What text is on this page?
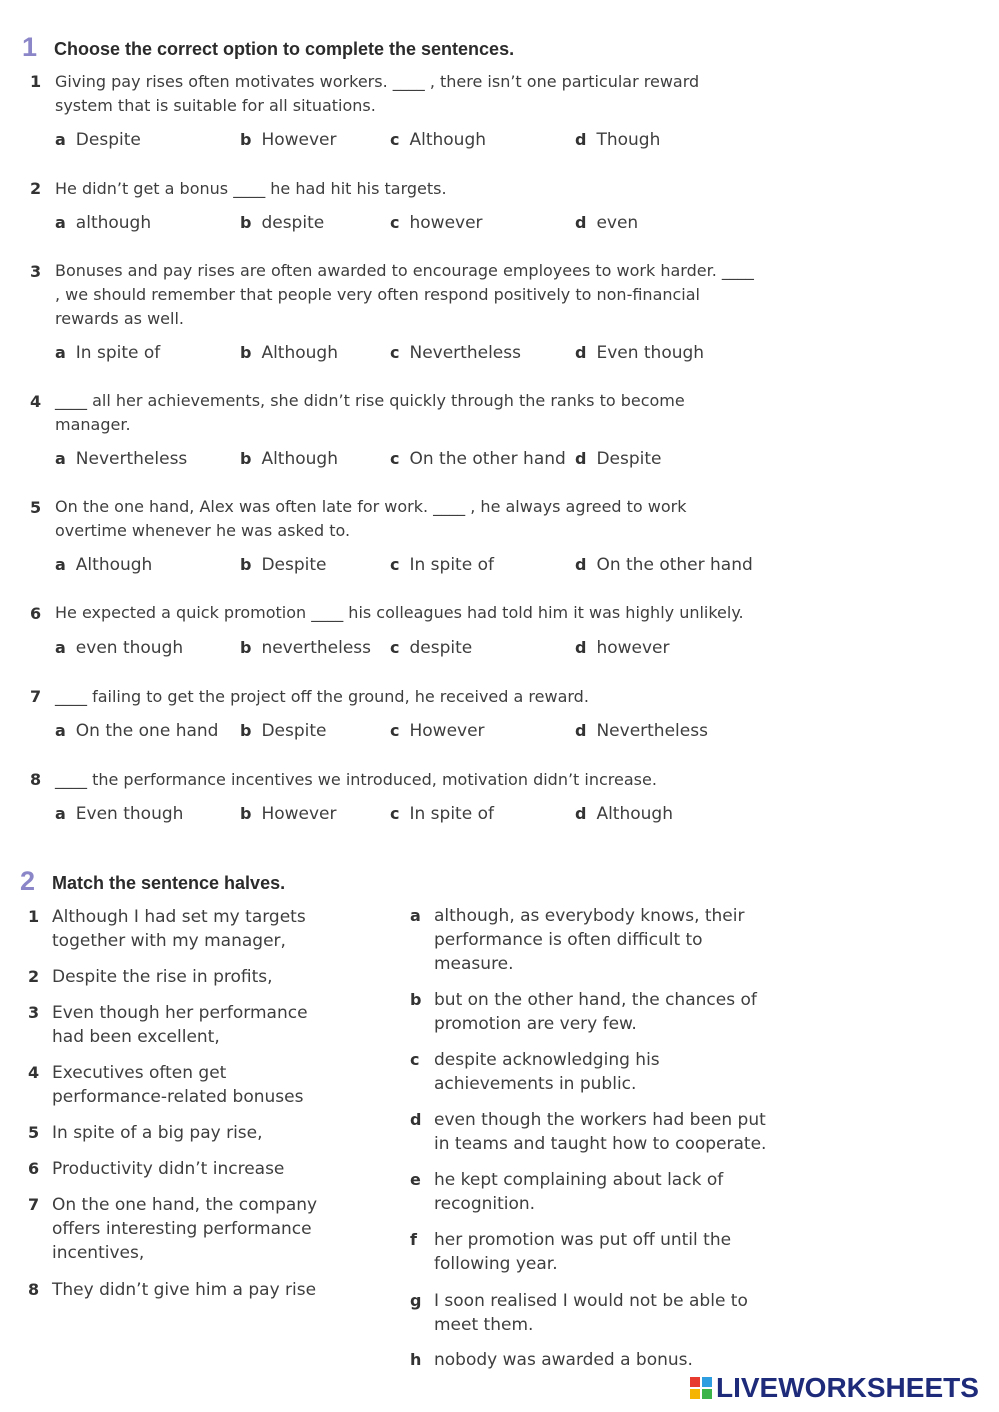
1 Choose the correct option to complete the sentences.
1 Giving pay rises often motivates workers. ____ , there isn’t one particular reward system that is suitable for all situations.
a Despite	b However	c Although	d Though
2 He didn’t get a bonus ____ he had hit his targets.
a although	b despite	c however	d even
3 Bonuses and pay rises are often awarded to encourage employees to work harder. ____ , we should remember that people very often respond positively to non-financial rewards as well.
a In spite of	b Although	c Nevertheless	d Even though
4 ____ all her achievements, she didn’t rise quickly through the ranks to become manager.
a Nevertheless	b Although	c On the other hand d Despite
5 On the one hand, Alex was often late for work. ____ , he always agreed to work overtime whenever he was asked to.
a Although	b Despite	c In spite of	d On the other hand
6 He expected a quick promotion ____ his colleagues had told him it was highly unlikely.
a even though	b nevertheless c despite	d however
7 ____ failing to get the project off the ground, he received a reward.
a On the one hand b Despite	c However	d Nevertheless
8 ____ the performance incentives we introduced, motivation didn’t increase.
a Even though	b However	c In spite of	d Although
2 Match the sentence halves.
1 Although I had set my targets together with my manager,
2 Despite the rise in profits,
3 Even though her performance had been excellent,
4 Executives often get performance-related bonuses
5 In spite of a big pay rise,
6 Productivity didn’t increase
7 On the one hand, the company offers interesting performance incentives,
8 They didn’t give him a pay rise
a although, as everybody knows, their performance is often difficult to measure.
b but on the other hand, the chances of promotion are very few.
c despite acknowledging his achievements in public.
d even though the workers had been put in teams and taught how to cooperate.
e he kept complaining about lack of recognition.
f her promotion was put off until the following year.
g I soon realised I would not be able to meet them.
h nobody was awarded a bonus.
LIVEWORKSHEETS
